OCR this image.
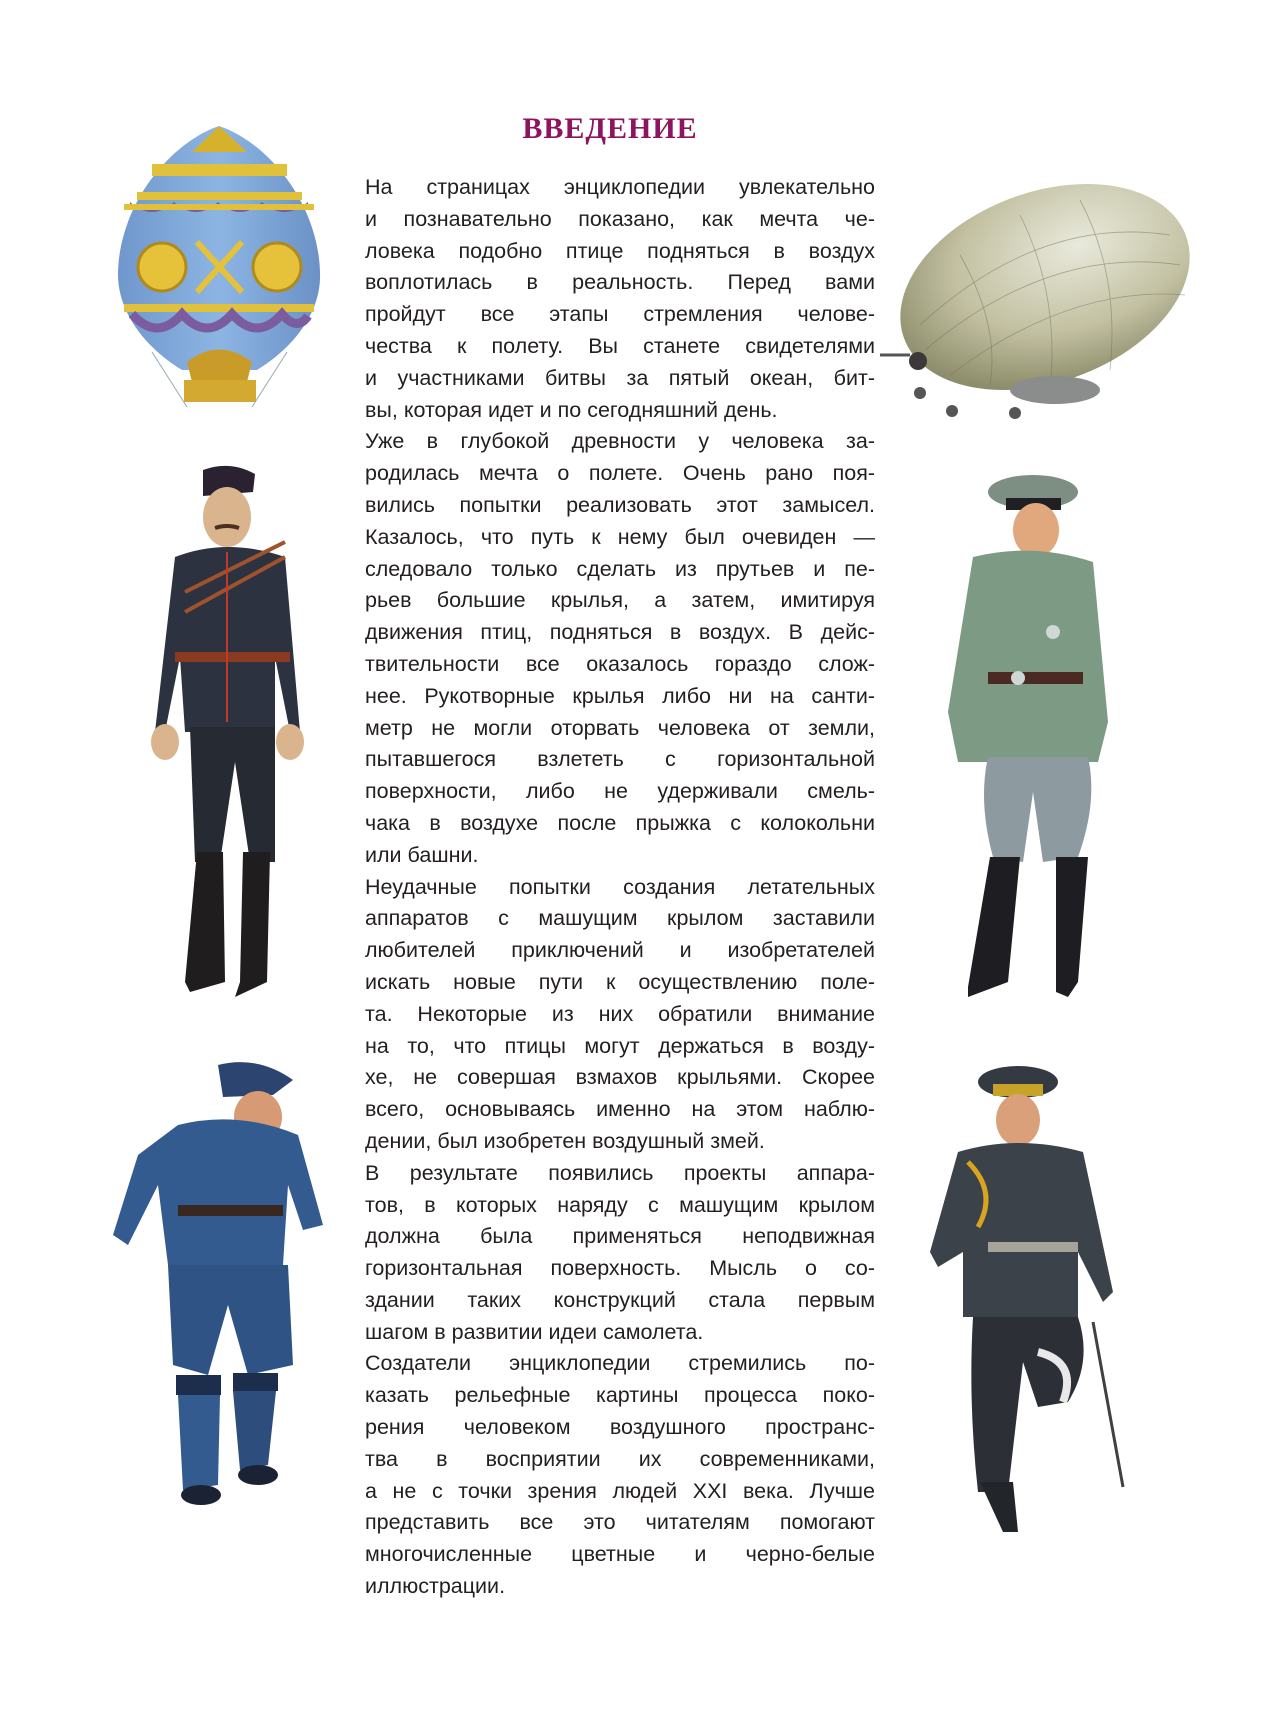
ВВЕДЕНИЕ
На страницах энциклопедии увлекательно
и познавательно показано, как мечта че-
ловека подобно птице подняться в воздух
воплотилась в реальность. Перед вами
пройдут все этапы стремления челове-
чества к полету. Вы станете свидетелями
и участниками битвы за пятый океан, бит-
вы, которая идет и по сегодняшний день.
Уже в глубокой древности у человека за-
родилась мечта о полете. Очень рано поя-
вились попытки реализовать этот замысел.
Казалось, что путь к нему был очевиден —
следовало только сделать из прутьев и пе-
рьев большие крылья, а затем, имитируя
движения птиц, подняться в воздух. В дейс-
твительности все оказалось гораздо слож-
нее. Рукотворные крылья либо ни на санти-
метр не могли оторвать человека от земли,
пытавшегося взлететь с горизонтальной
поверхности, либо не удерживали смель-
чака в воздухе после прыжка с колокольни
или башни.
Неудачные попытки создания летательных
аппаратов с машущим крылом заставили
любителей приключений и изобретателей
искать новые пути к осуществлению поле-
та. Некоторые из них обратили внимание
на то, что птицы могут держаться в возду-
хе, не совершая взмахов крыльями. Скорее
всего, основываясь именно на этом наблю-
дении, был изобретен воздушный змей.
В результате появились проекты аппара-
тов, в которых наряду с машущим крылом
должна была применяться неподвижная
горизонтальная поверхность. Мысль о со-
здании таких конструкций стала первым
шагом в развитии идеи самолета.
Создатели энциклопедии стремились по-
казать рельефные картины процесса поко-
рения человеком воздушного пространс-
тва в восприятии их современниками,
а не с точки зрения людей XXI века. Лучше
представить все это читателям помогают
многочисленные цветные и черно-белые
иллюстрации.
